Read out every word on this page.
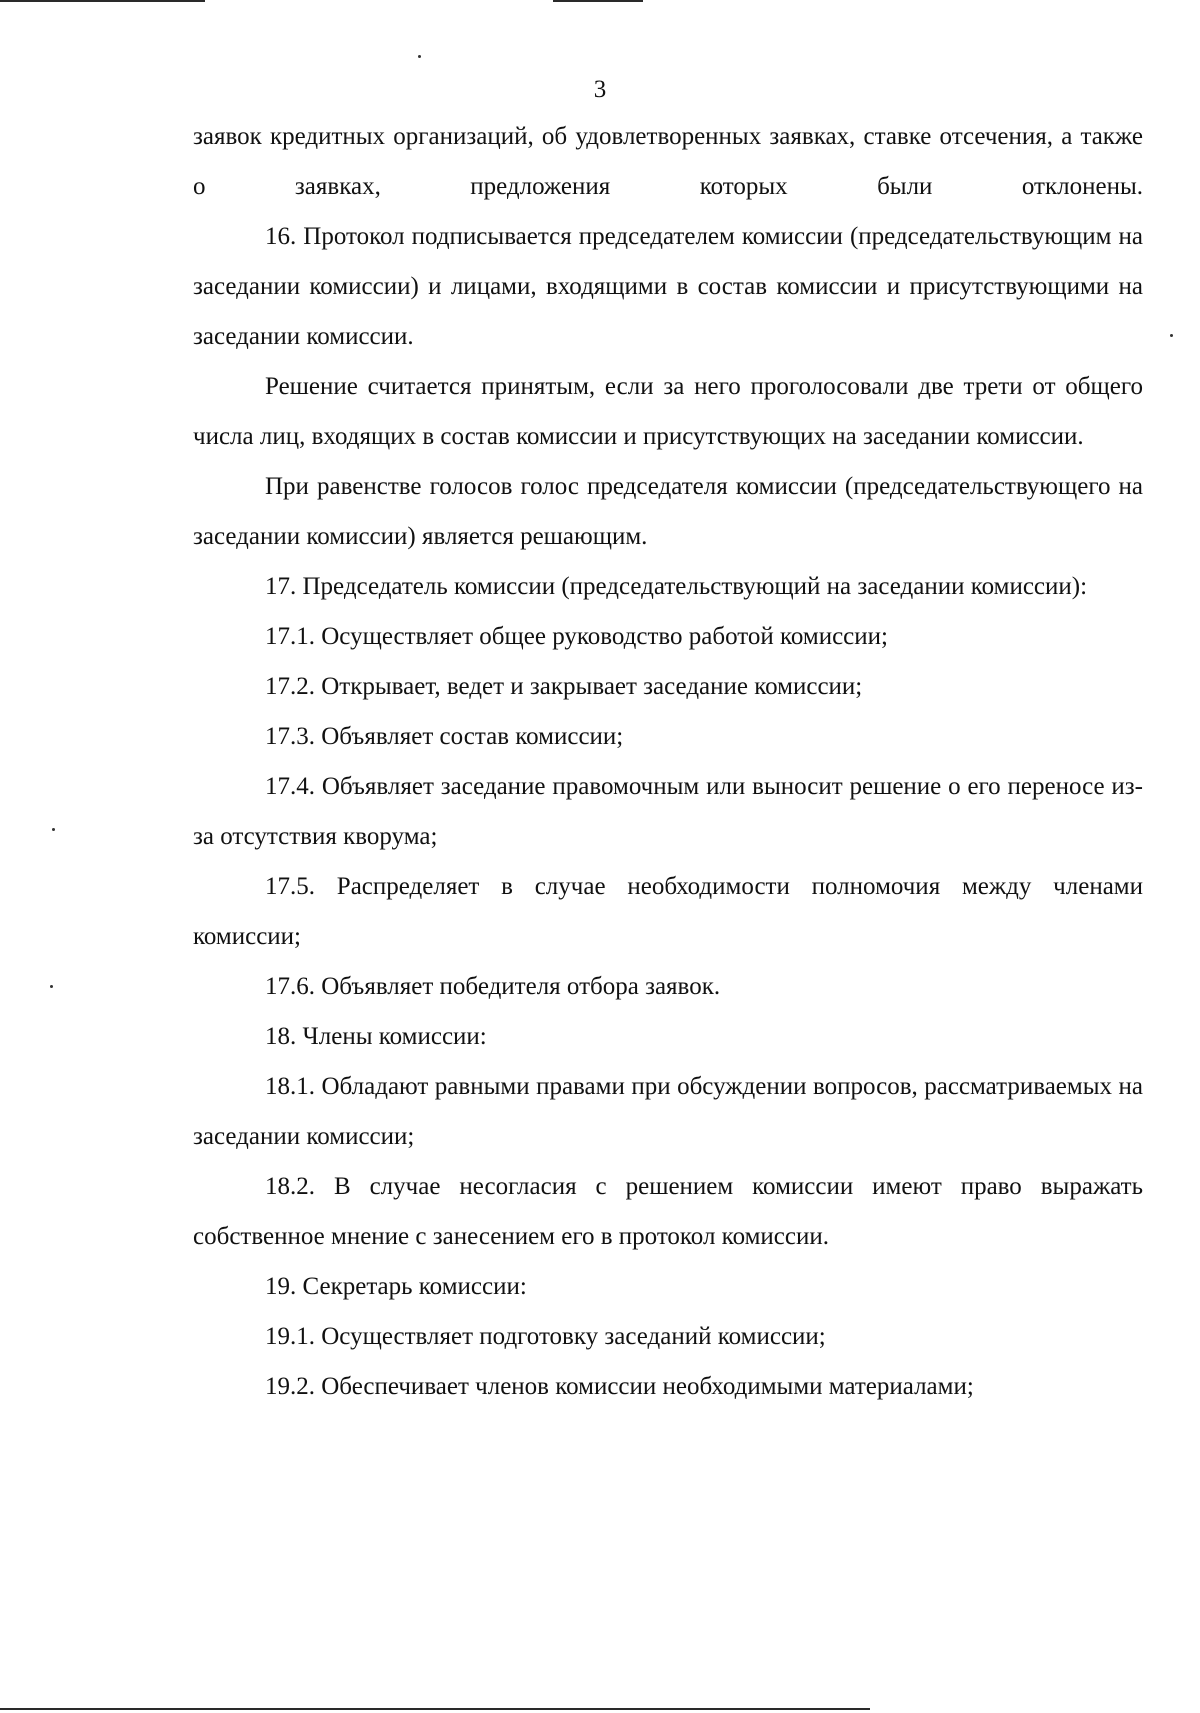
3

заявок кредитных организаций, об удовлетворенных заявках, ставке отсечения, а также о заявках, предложения которых были отклонены.

16. Протокол подписывается председателем комиссии (председательствующим на заседании комиссии) и лицами, входящими в состав комиссии и присутствующими на заседании комиссии.

Решение считается принятым, если за него проголосовали две трети от общего числа лиц, входящих в состав комиссии и присутствующих на заседании комиссии.

При равенстве голосов голос председателя комиссии (председательствующего на заседании комиссии) является решающим.

17. Председатель комиссии (председательствующий на заседании комиссии):

17.1. Осуществляет общее руководство работой комиссии;

17.2. Открывает, ведет и закрывает заседание комиссии;

17.3. Объявляет состав комиссии;

17.4. Объявляет заседание правомочным или выносит решение о его переносе из-за отсутствия кворума;

17.5. Распределяет в случае необходимости полномочия между членами комиссии;

17.6. Объявляет победителя отбора заявок.

18. Члены комиссии:

18.1. Обладают равными правами при обсуждении вопросов, рассматриваемых на заседании комиссии;

18.2. В случае несогласия с решением комиссии имеют право выражать собственное мнение с занесением его в протокол комиссии.

19. Секретарь комиссии:

19.1. Осуществляет подготовку заседаний комиссии;

19.2. Обеспечивает членов комиссии необходимыми материалами;
